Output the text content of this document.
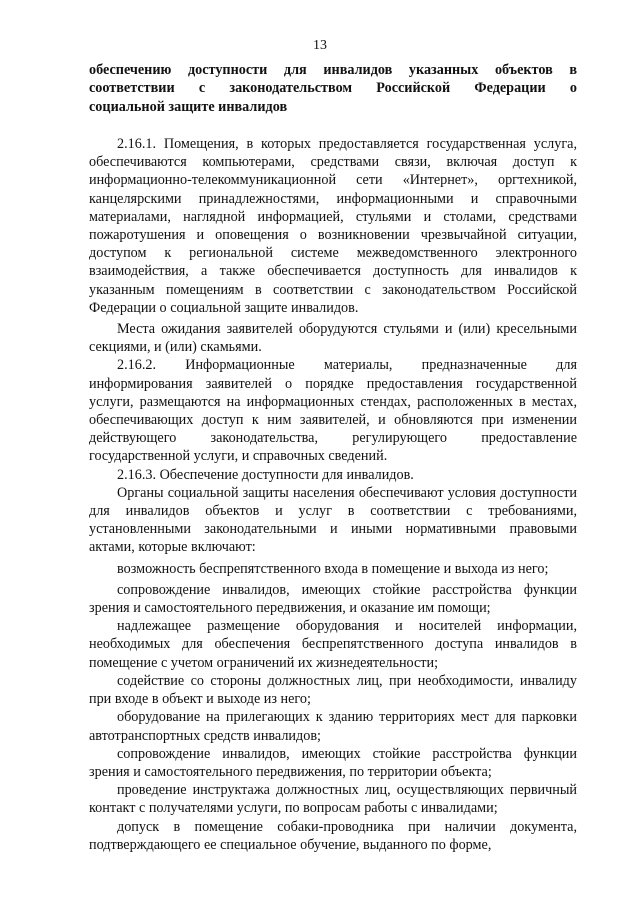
13
обеспечению доступности для инвалидов указанных объектов в
соответствии с законодательством Российской Федерации о
социальной защите инвалидов

2.16.1. Помещения, в которых предоставляется государственная услуга, обеспечиваются компьютерами, средствами связи, включая доступ к информационно-телекоммуникационной сети «Интернет», оргтехникой, канцелярскими принадлежностями, информационными и справочными материалами, наглядной информацией, стульями и столами, средствами пожаротушения и оповещения о возникновении чрезвычайной ситуации, доступом к региональной системе межведомственного электронного взаимодействия, а также обеспечивается доступность для инвалидов к указанным помещениям в соответствии с законодательством Российской Федерации о социальной защите инвалидов.

Места ожидания заявителей оборудуются стульями и (или) кресельными секциями, и (или) скамьями.

2.16.2. Информационные материалы, предназначенные для информирования заявителей о порядке предоставления государственной услуги, размещаются на информационных стендах, расположенных в местах, обеспечивающих доступ к ним заявителей, и обновляются при изменении действующего законодательства, регулирующего предоставление государственной услуги, и справочных сведений.

2.16.3. Обеспечение доступности для инвалидов.

Органы социальной защиты населения обеспечивают условия доступности для инвалидов объектов и услуг в соответствии с требованиями, установленными законодательными и иными нормативными правовыми актами, которые включают:

возможность беспрепятственного входа в помещение и выхода из него;

сопровождение инвалидов, имеющих стойкие расстройства функции зрения и самостоятельного передвижения, и оказание им помощи;

надлежащее размещение оборудования и носителей информации, необходимых для обеспечения беспрепятственного доступа инвалидов в помещение с учетом ограничений их жизнедеятельности;

содействие со стороны должностных лиц, при необходимости, инвалиду при входе в объект и выходе из него;

оборудование на прилегающих к зданию территориях мест для парковки автотранспортных средств инвалидов;

сопровождение инвалидов, имеющих стойкие расстройства функции зрения и самостоятельного передвижения, по территории объекта;

проведение инструктажа должностных лиц, осуществляющих первичный контакт с получателями услуги, по вопросам работы с инвалидами;

допуск в помещение собаки-проводника при наличии документа, подтверждающего ее специальное обучение, выданного по форме,
